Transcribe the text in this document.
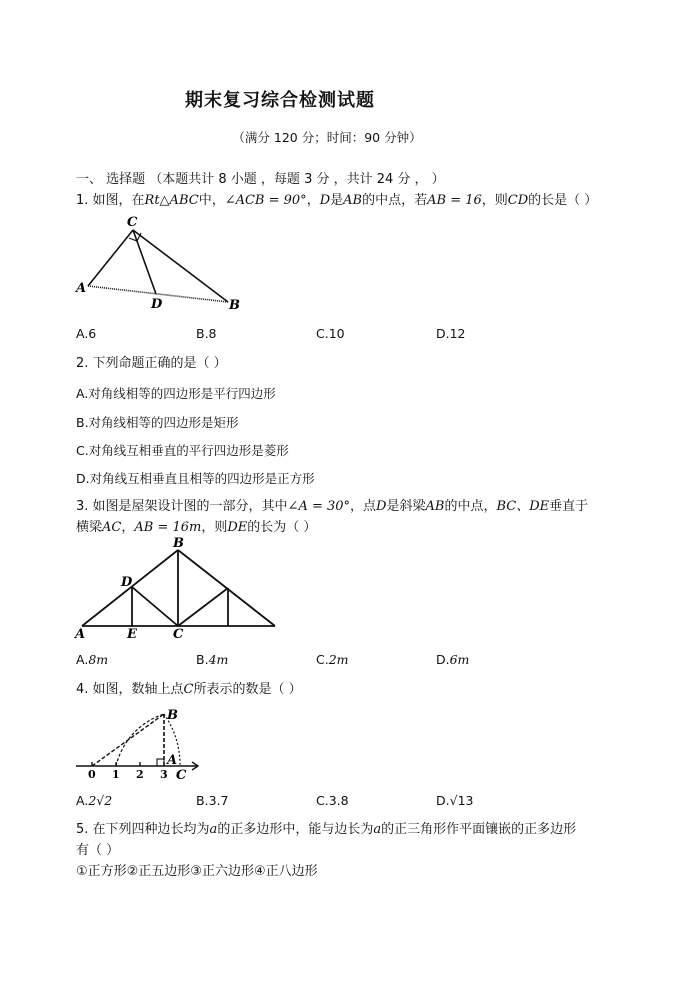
期末复习综合检测试题
（满分 120 分；时间：90 分钟）
一、 选择题 （本题共计 8 小题 ，每题 3 分 ，共计 24 分 ， ）
1. 如图，在Rt△ABC中，∠ACB = 90°，D是AB的中点，若AB = 16，则CD的长是（ ）
C
A
D	B
A.6	B.8	C.10	D.12
2. 下列命题正确的是（ ）
A.对角线相等的四边形是平行四边形
B.对角线相等的四边形是矩形
C.对角线互相垂直的平行四边形是菱形
D.对角线互相垂直且相等的四边形是正方形
3. 如图是屋架设计图的一部分，其中∠A = 30°，点D是斜梁AB的中点，BC、DE垂直于
横梁AC，AB = 16m，则DE的长为（ ）
B
D
A	E	C
A.8m	B.4m	C.2m	D.6m
4. 如图，数轴上点C所表示的数是（ ）
B
A
0 1 2 3 C
A.2√2	B.3.7	C.3.8	D.√13
5. 在下列四种边长均为a的正多边形中，能与边长为a的正三角形作平面镶嵌的正多边形
有（ ）
①正方形②正五边形③正六边形④正八边形
